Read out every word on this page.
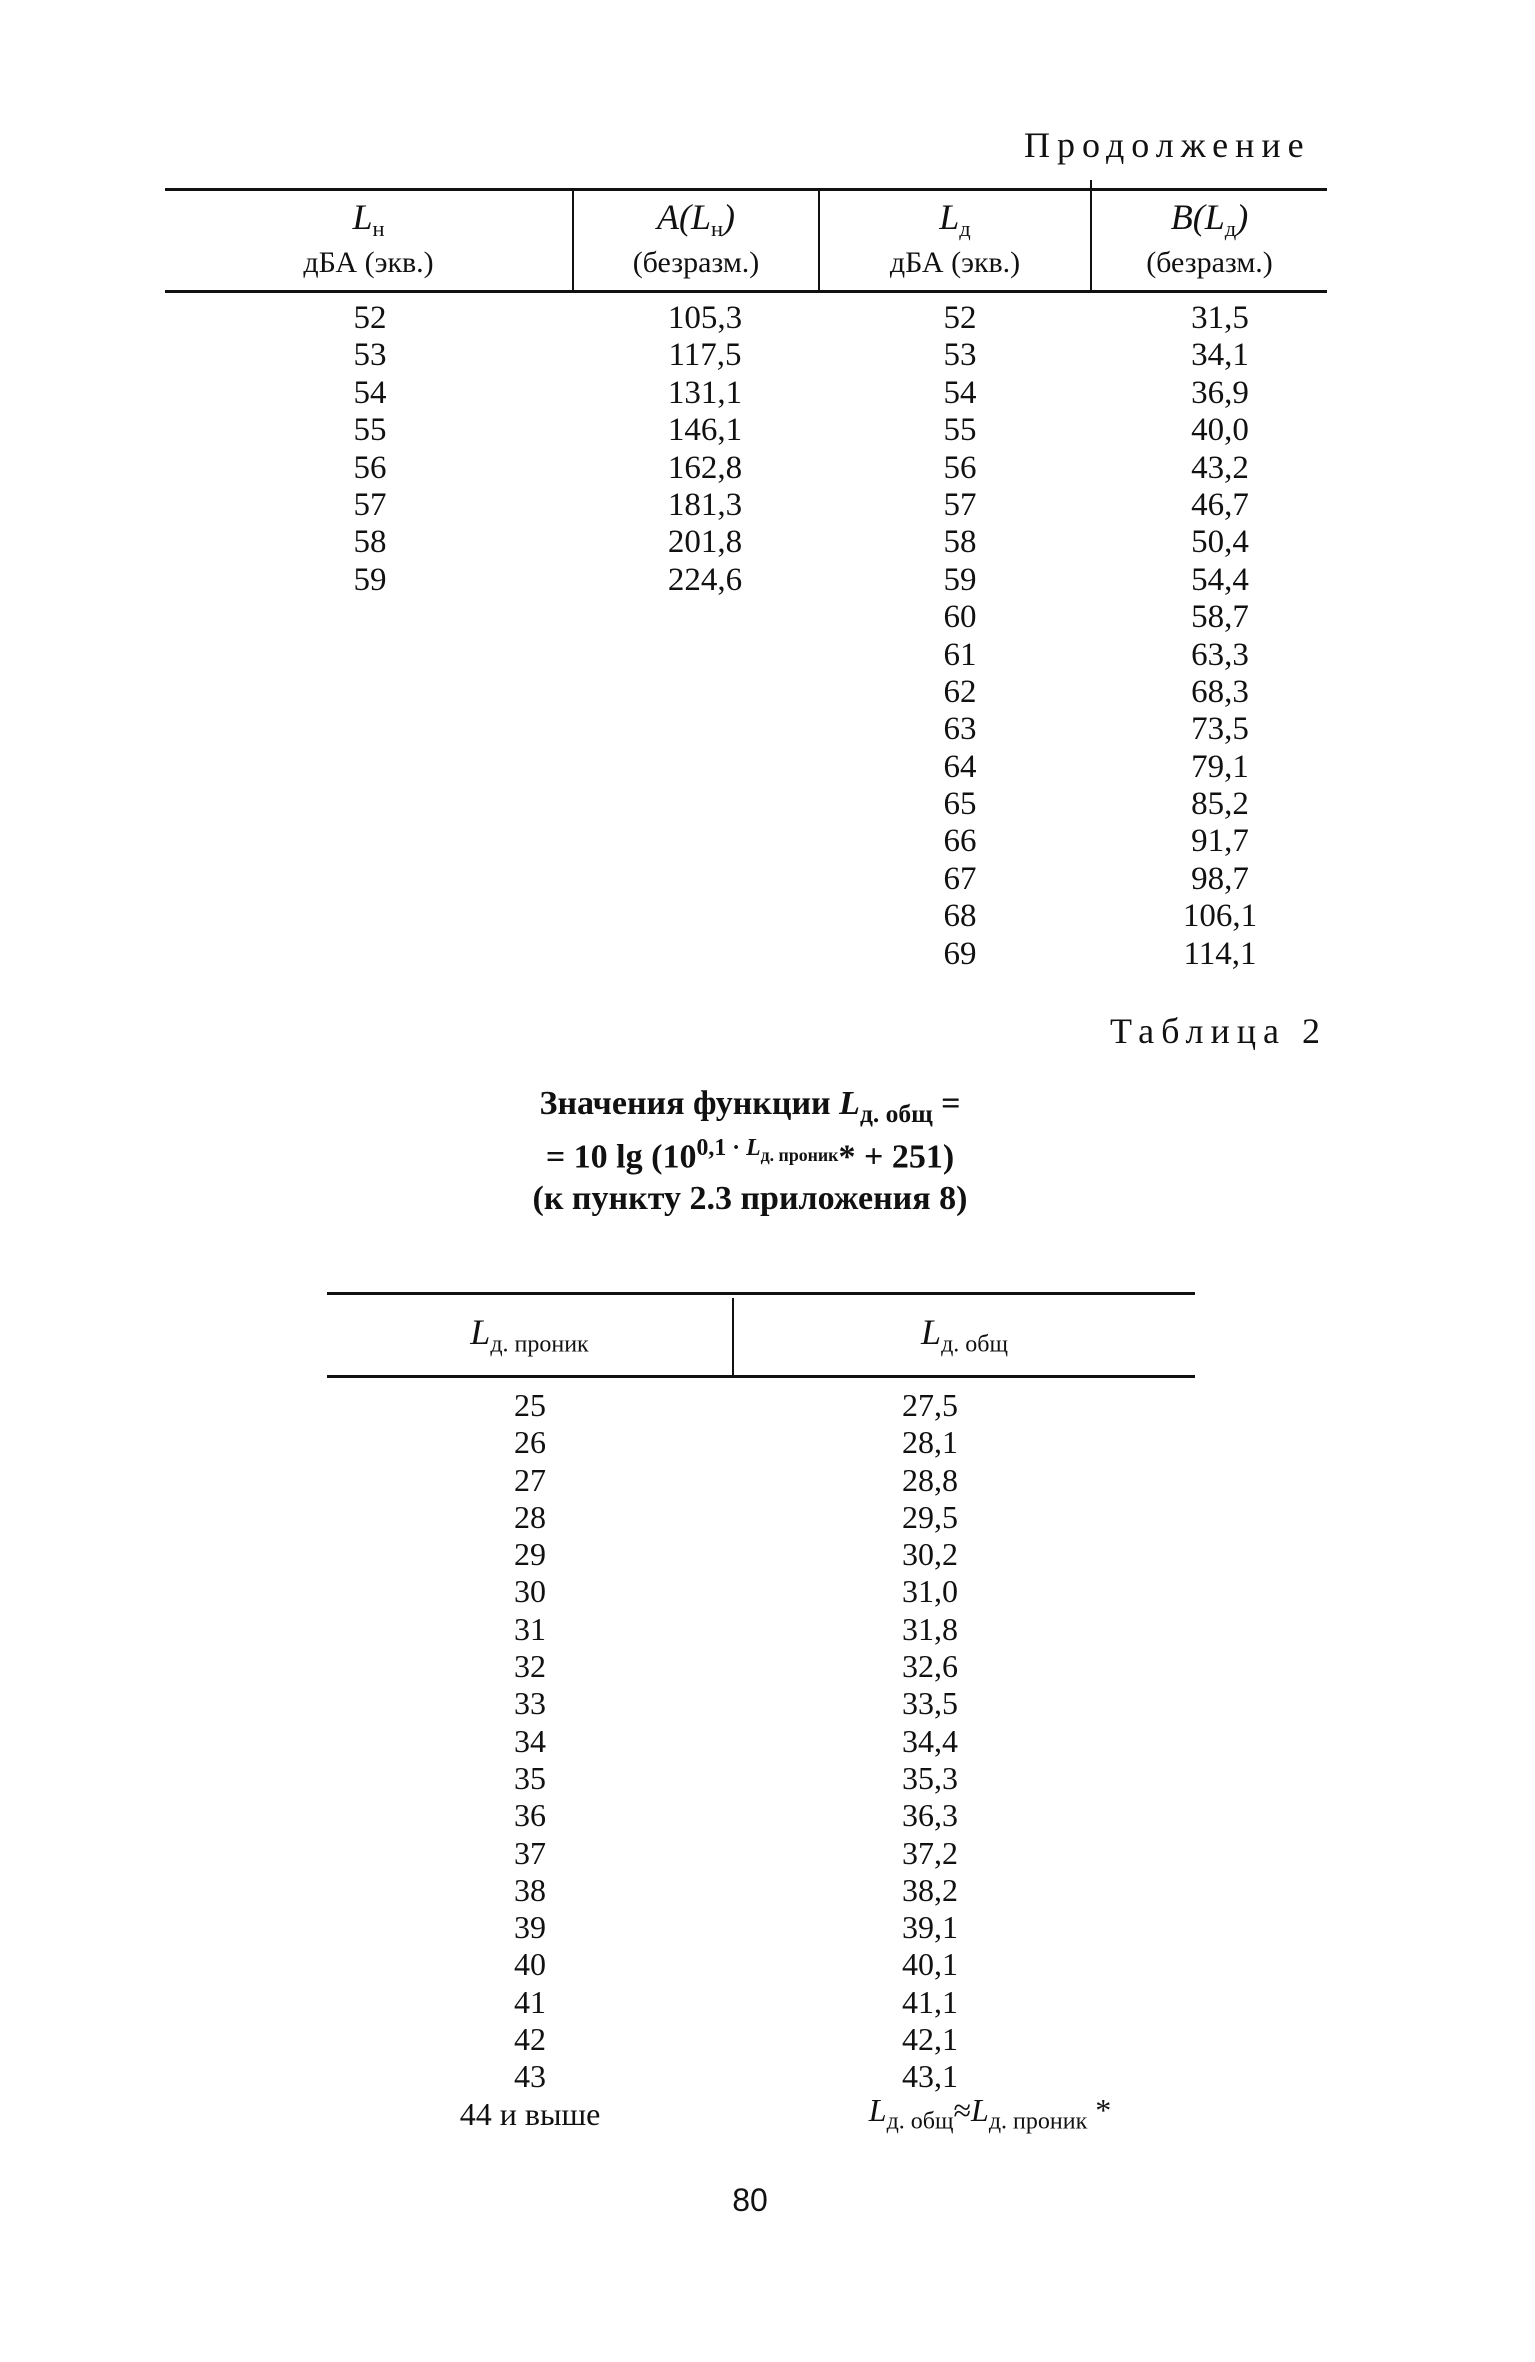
Продолжение
$L_н$
дБА (экв.)
$A(L_н)$
(безразм.)
$L_д$
дБА (экв.)
$B(L_д)$
(безразм.)
52
53
54
55
56
57
58
59
105,3
117,5
131,1
146,1
162,8
181,3
201,8
224,6
52
53
54
55
56
57
58
59
60
61
62
63
64
65
66
67
68
69
31,5
34,1
36,9
40,0
43,2
46,7
50,4
54,4
58,7
63,3
68,3
73,5
79,1
85,2
91,7
98,7
106,1
114,1
Таблица 2
Значения функции $L_{д. общ}$ =
= 10 $\lg (10^{0,1 \cdot L_{д. проник}}* + 251)$
(к пункту 2.3 приложения 8)
$L_{д. проник}$	$L_{д. общ}$
25
26
27
28
29
30
31
32
33
34
35
36
37
38
39
40
41
42
43
27,5
28,1
28,8
29,5
30,2
31,0
31,8
32,6
33,5
34,4
35,3
36,3
37,2
38,2
39,1
40,1
41,1
42,1
43,1
44 и выше	$L_{д. общ}\approx L_{д. проник}$ *
80
